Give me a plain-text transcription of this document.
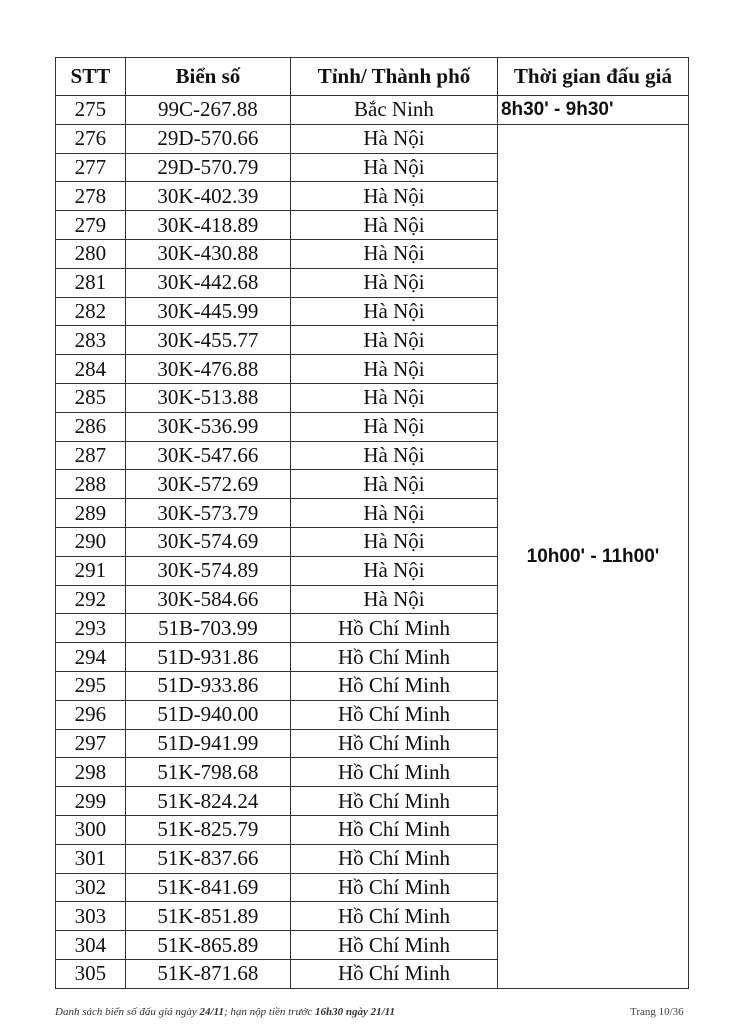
STT	Biển số	Tỉnh/ Thành phố	Thời gian đấu giá
275	99C-267.88	Bắc Ninh	8h30' - 9h30'
276	29D-570.66	Hà Nội	10h00' - 11h00'
277	29D-570.79	Hà Nội	
278	30K-402.39	Hà Nội	
279	30K-418.89	Hà Nội	
280	30K-430.88	Hà Nội	
281	30K-442.68	Hà Nội	
282	30K-445.99	Hà Nội	
283	30K-455.77	Hà Nội	
284	30K-476.88	Hà Nội	
285	30K-513.88	Hà Nội	
286	30K-536.99	Hà Nội	
287	30K-547.66	Hà Nội	
288	30K-572.69	Hà Nội	
289	30K-573.79	Hà Nội	
290	30K-574.69	Hà Nội	
291	30K-574.89	Hà Nội	
292	30K-584.66	Hà Nội	
293	51B-703.99	Hồ Chí Minh	
294	51D-931.86	Hồ Chí Minh	
295	51D-933.86	Hồ Chí Minh	
296	51D-940.00	Hồ Chí Minh	
297	51D-941.99	Hồ Chí Minh	
298	51K-798.68	Hồ Chí Minh	
299	51K-824.24	Hồ Chí Minh	
300	51K-825.79	Hồ Chí Minh	
301	51K-837.66	Hồ Chí Minh	
302	51K-841.69	Hồ Chí Minh	
303	51K-851.89	Hồ Chí Minh	
304	51K-865.89	Hồ Chí Minh	
305	51K-871.68	Hồ Chí Minh	
Danh sách biển số đấu giá ngày 24/11; hạn nộp tiền trước 16h30 ngày 21/11	Trang 10/36
